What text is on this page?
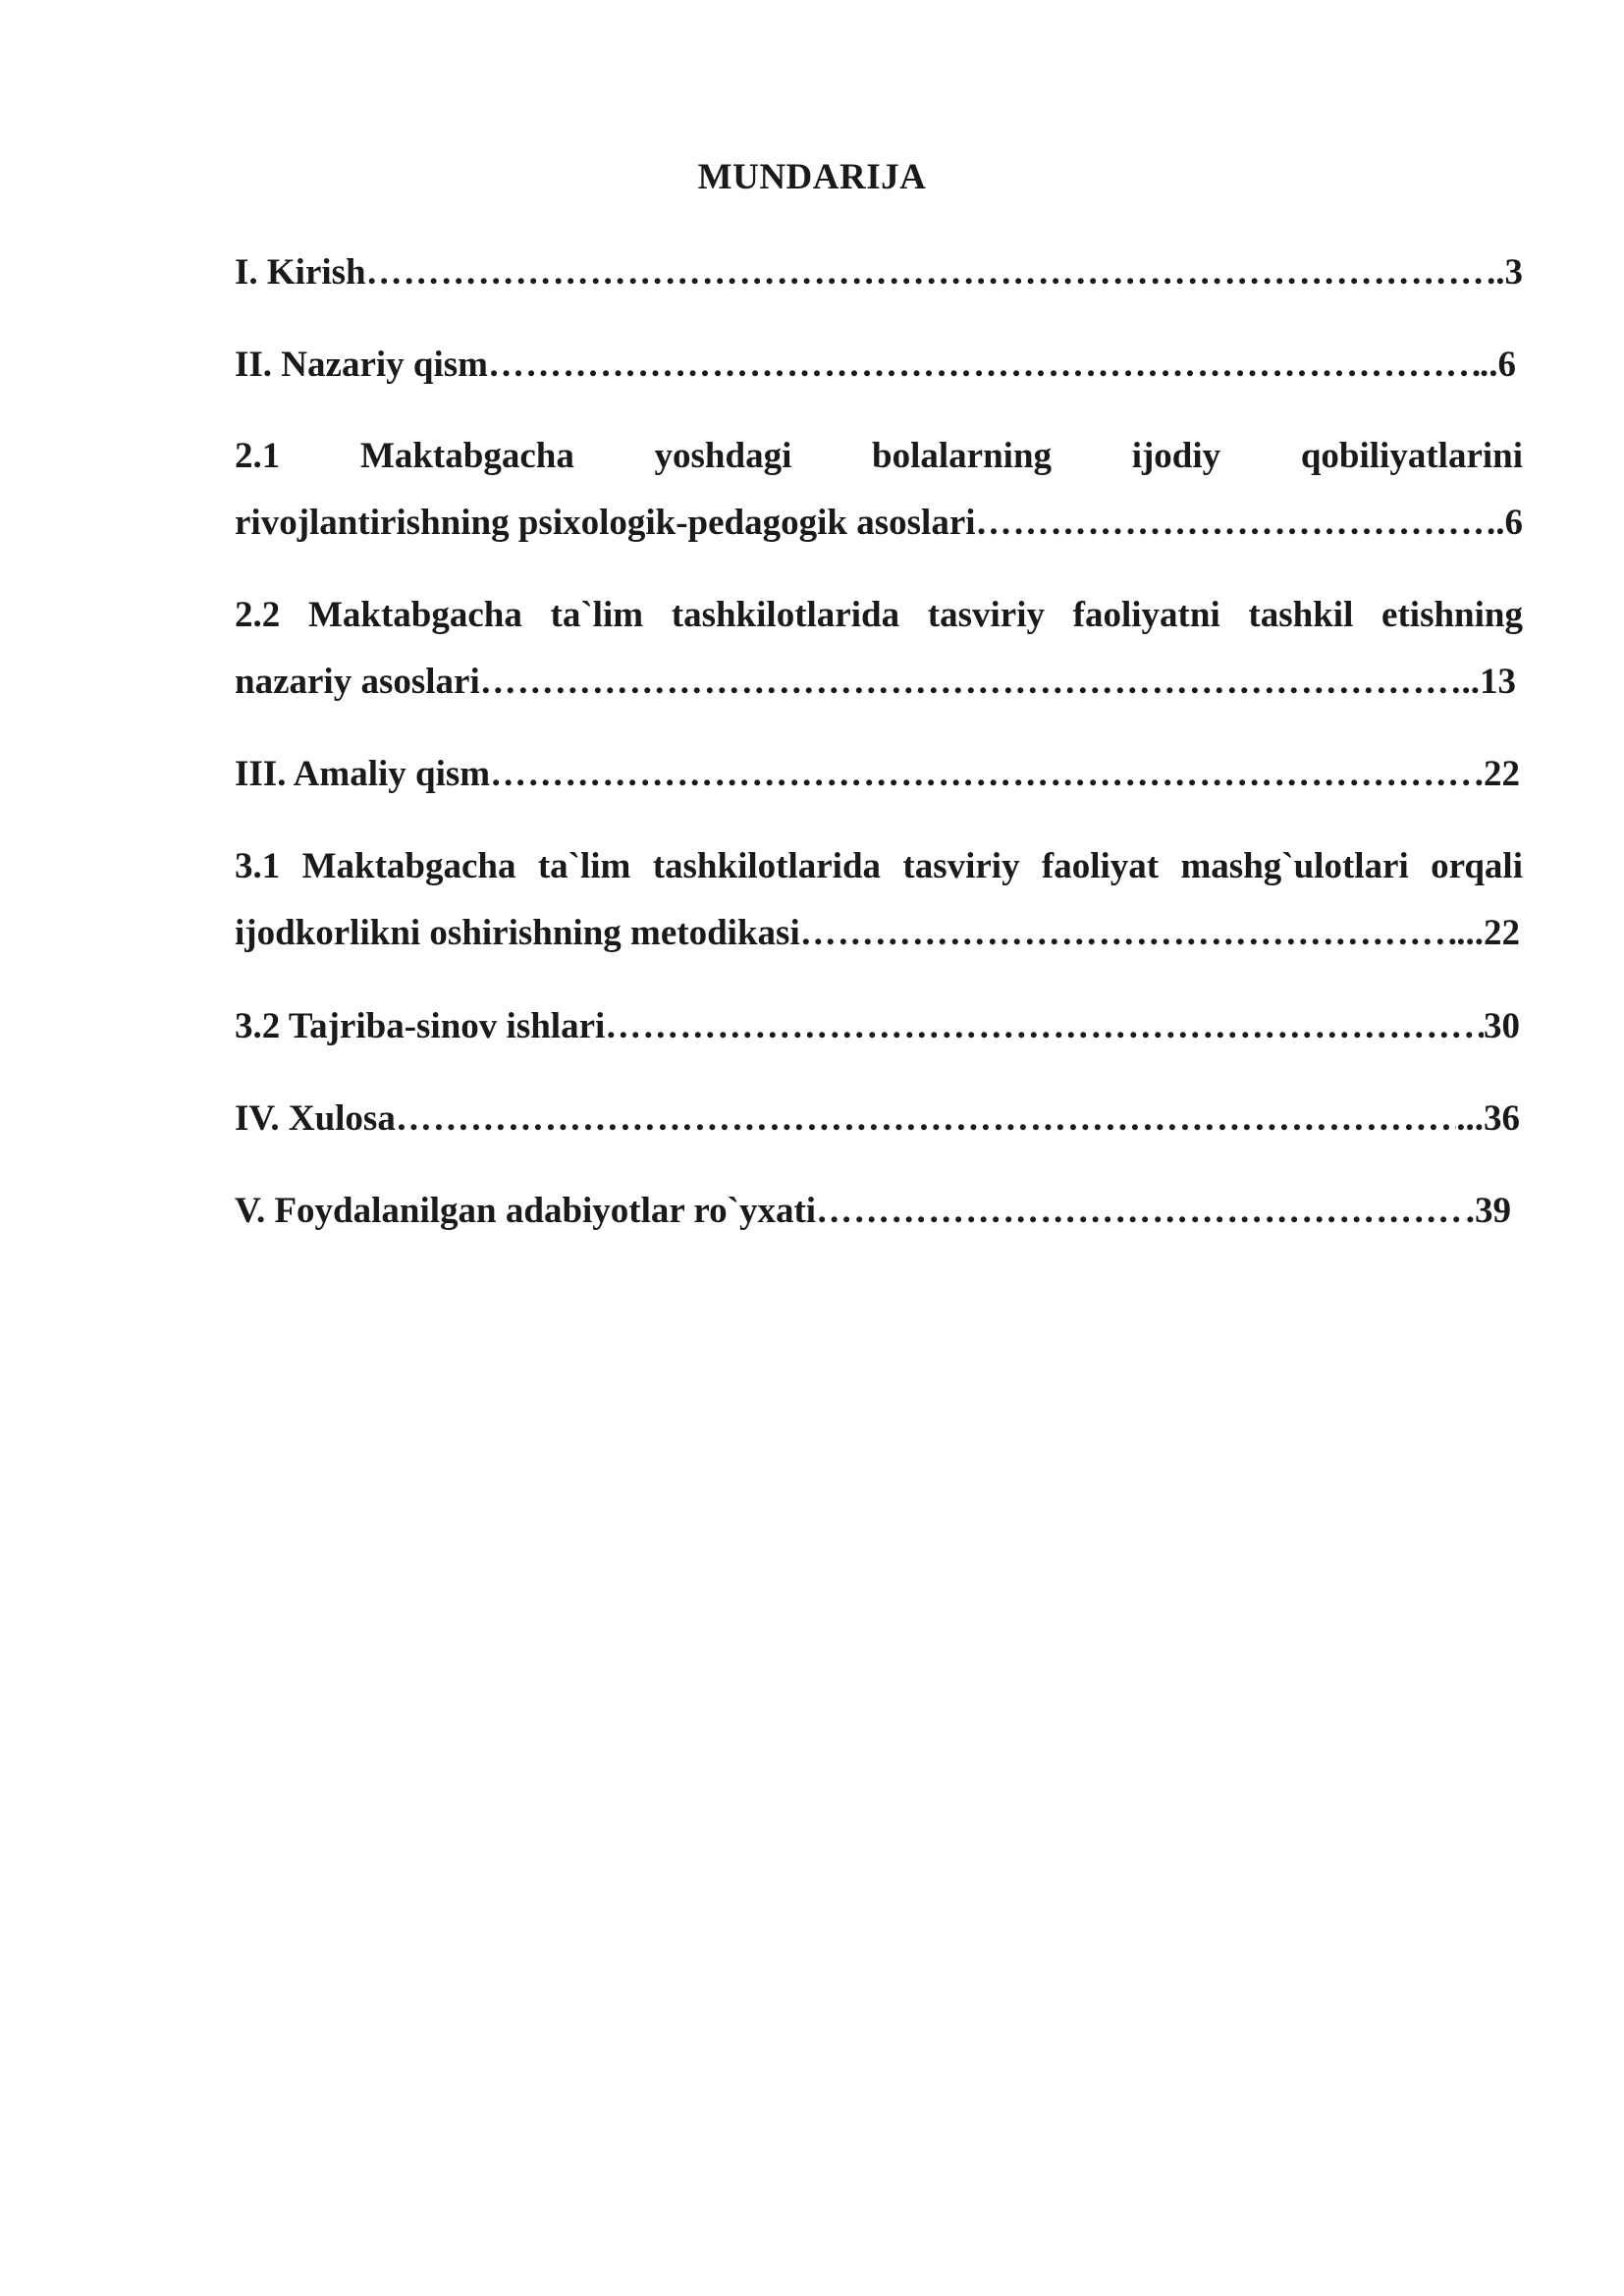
MUNDARIJA
I. Kirish ……………………………………………………………………………………………………………………………………………………………………………………………………	.3
II. Nazariy qism ……………………………………………………………………………………………………………………………………………………………………………………………………	..6
2.1 Maktabgacha yoshdagi bolalarning ijodiy qobiliyatlarini
rivojlantirishning psixologik-pedagogik asoslari ……………………………………………………………………………………………………………………………………………………………………………………………………	..6
2.2 Maktabgacha ta`lim tashkilotlarida tasviriy faoliyatni tashkil etishning
nazariy asoslari ……………………………………………………………………………………………………………………………………………………………………………………………………	..13
III. Amaliy qism ……………………………………………………………………………………………………………………………………………………………………………………………………	.22
3.1 Maktabgacha ta`lim tashkilotlarida tasviriy faoliyat mashg`ulotlari orqali
ijodkorlikni oshirishning metodikasi ……………………………………………………………………………………………………………………………………………………………………………………………………	...22
3.2 Tajriba-sinov ishlari ……………………………………………………………………………………………………………………………………………………………………………………………………	30
IV. Xulosa ……………………………………………………………………………………………………………………………………………………………………………………………………	...36
V. Foydalanilgan adabiyotlar ro`yxati ……………………………………………………………………………………………………………………………………………………………………………………………………	.39
